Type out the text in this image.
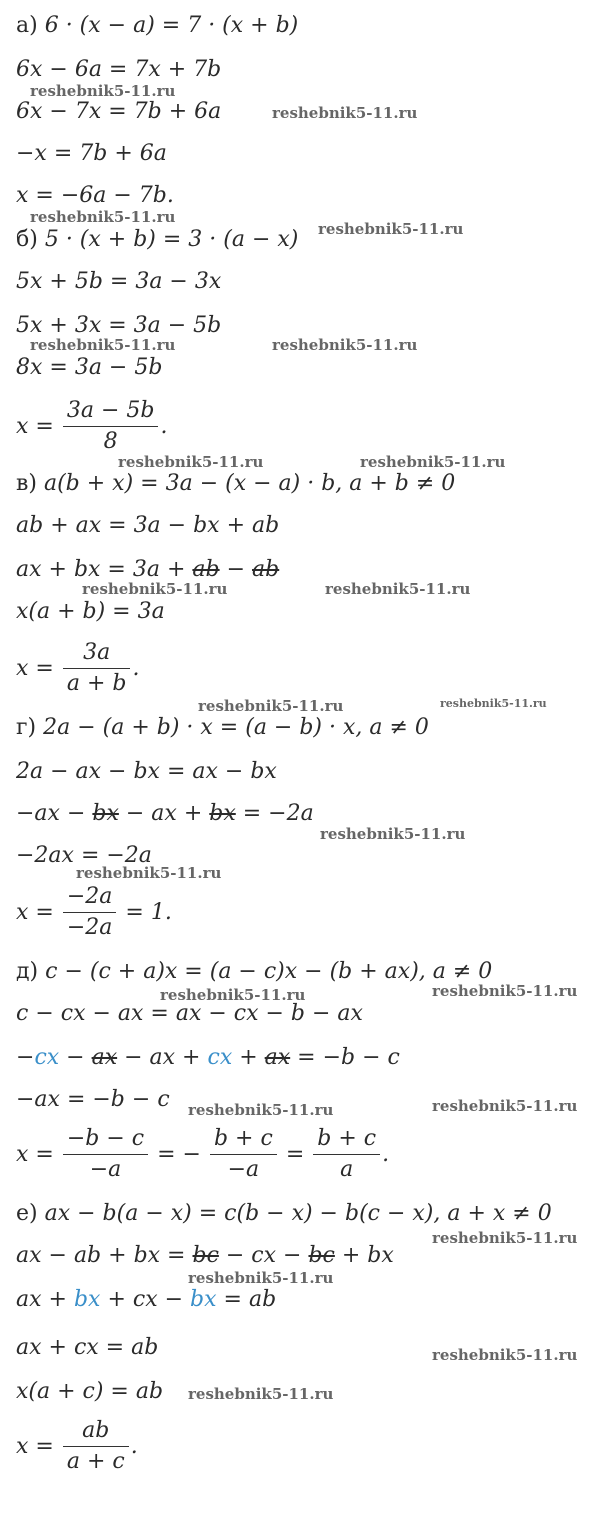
а) 6 · (x − a) = 7 · (x + b)
6x − 6a = 7x + 7b
6x − 7x = 7b + 6a
−x = 7b + 6a
x = −6a − 7b.
б) 5 · (x + b) = 3 · (a − x)
5x + 5b = 3a − 3x
5x + 3x = 3a − 5b
8x = 3a − 5b
$x = \frac{3a - 5b}{8}$ .
в) a(b + x) = 3a − (x − a) · b, a + b ≠ 0
ab + ax = 3a − bx + ab
ax + bx = 3a + ab − ab
x(a + b) = 3a
$x = \frac{3a}{a + b}$ .
г) 2a − (a + b) · x = (a − b) · x, a ≠ 0
2a − ax − bx = ax − bx
−ax − bx − ax + bx = −2a
−2ax = −2a
$x = \frac{-2a}{-2a} = 1$.
д) c − (c + a)x = (a − c)x − (b + ax), a ≠ 0
c − cx − ax = ax − cx − b − ax
−cx − ax − ax + cx + ax = −b − c
−ax = −b − c
$x = \frac{-b - c}{-a}$ = − $\frac{b + c}{-a} = \frac{b + c}{a}$ .
е) ax − b(a − x) = c(b − x) − b(c − x), a + x ≠ 0
ax − ab + bx = bc − cx − bc + bx
ax + bx + cx − bx = ab
ax + cx = ab
x(a + c) = ab
$x = \frac{ab}{a + c}$ .
reshebnik5-11.ru
reshebnik5-11.ru
reshebnik5-11.ru
reshebnik5-11.ru
reshebnik5-11.ru	reshebnik5-11.ru
reshebnik5-11.ru	reshebnik5-11.ru
reshebnik5-11.ru	reshebnik5-11.ru
reshebnik5-11.ru	reshebnik5-11.ru
reshebnik5-11.ru
reshebnik5-11.ru
reshebnik5-11.ru	reshebnik5-11.ru
reshebnik5-11.ru	reshebnik5-11.ru
reshebnik5-11.ru
reshebnik5-11.ru
reshebnik5-11.ru
reshebnik5-11.ru
